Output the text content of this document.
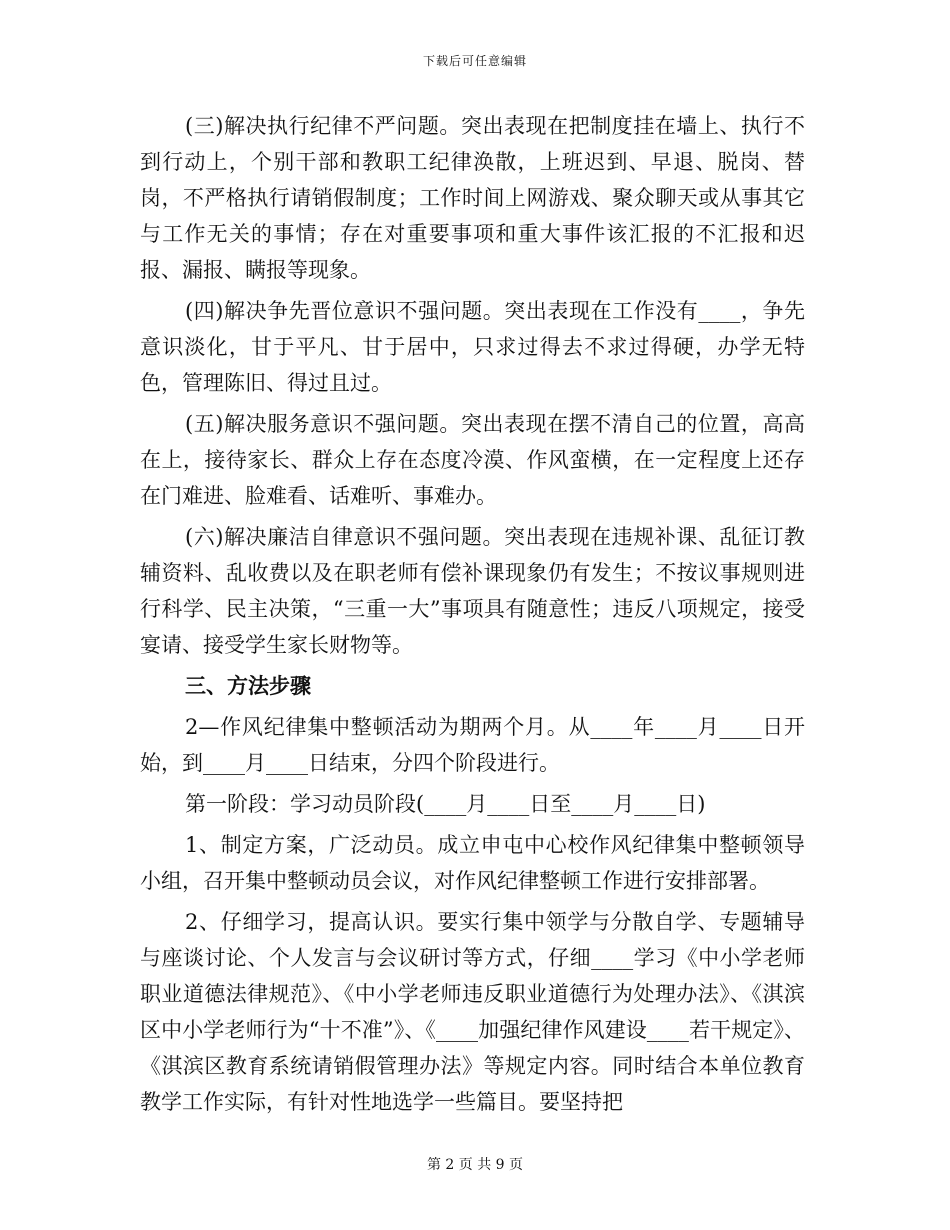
下载后可任意编辑

(三)解决执行纪律不严问题。突出表现在把制度挂在墙上、执行不到行动上，个别干部和教职工纪律涣散，上班迟到、早退、脱岗、替岗，不严格执行请销假制度；工作时间上网游戏、聚众聊天或从事其它与工作无关的事情；存在对重要事项和重大事件该汇报的不汇报和迟报、漏报、瞒报等现象。

(四)解决争先晋位意识不强问题。突出表现在工作没有____，争先意识淡化，甘于平凡、甘于居中，只求过得去不求过得硬，办学无特色，管理陈旧、得过且过。

(五)解决服务意识不强问题。突出表现在摆不清自己的位置，高高在上，接待家长、群众上存在态度冷漠、作风蛮横，在一定程度上还存在门难进、脸难看、话难听、事难办。

(六)解决廉洁自律意识不强问题。突出表现在违规补课、乱征订教辅资料、乱收费以及在职老师有偿补课现象仍有发生；不按议事规则进行科学、民主决策，“三重一大”事项具有随意性；违反八项规定，接受宴请、接受学生家长财物等。

三、方法步骤

2—作风纪律集中整顿活动为期两个月。从____年____月____日开始，到____月____日结束，分四个阶段进行。

第一阶段：学习动员阶段(____月____日至____月____日)

1、制定方案，广泛动员。成立申屯中心校作风纪律集中整顿领导小组，召开集中整顿动员会议，对作风纪律整顿工作进行安排部署。

2、仔细学习，提高认识。要实行集中领学与分散自学、专题辅导与座谈讨论、个人发言与会议研讨等方式，仔细____学习《中小学老师职业道德法律规范》、《中小学老师违反职业道德行为处理办法》、《淇滨区中小学老师行为“十不准”》、《____加强纪律作风建设____若干规定》、《淇滨区教育系统请销假管理办法》等规定内容。同时结合本单位教育教学工作实际，有针对性地选学一些篇目。要坚持把

第 2 页 共 9 页
